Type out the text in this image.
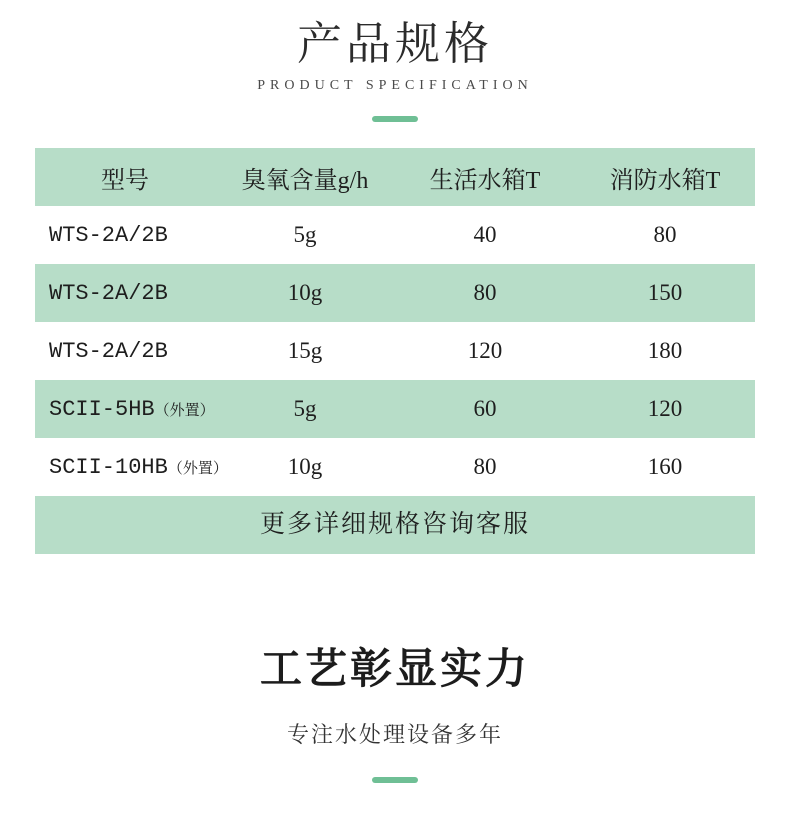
产品规格
PRODUCT SPECIFICATION
型号	臭氧含量g/h	生活水箱T	消防水箱T
WTS-2A/2B	5g	40	80
WTS-2A/2B	10g	80	150
WTS-2A/2B	15g	120	180
SCII-5HB（外置）	5g	60	120
SCII-10HB（外置）	10g	80	160
更多详细规格咨询客服
工艺彰显实力
专注水处理设备多年
